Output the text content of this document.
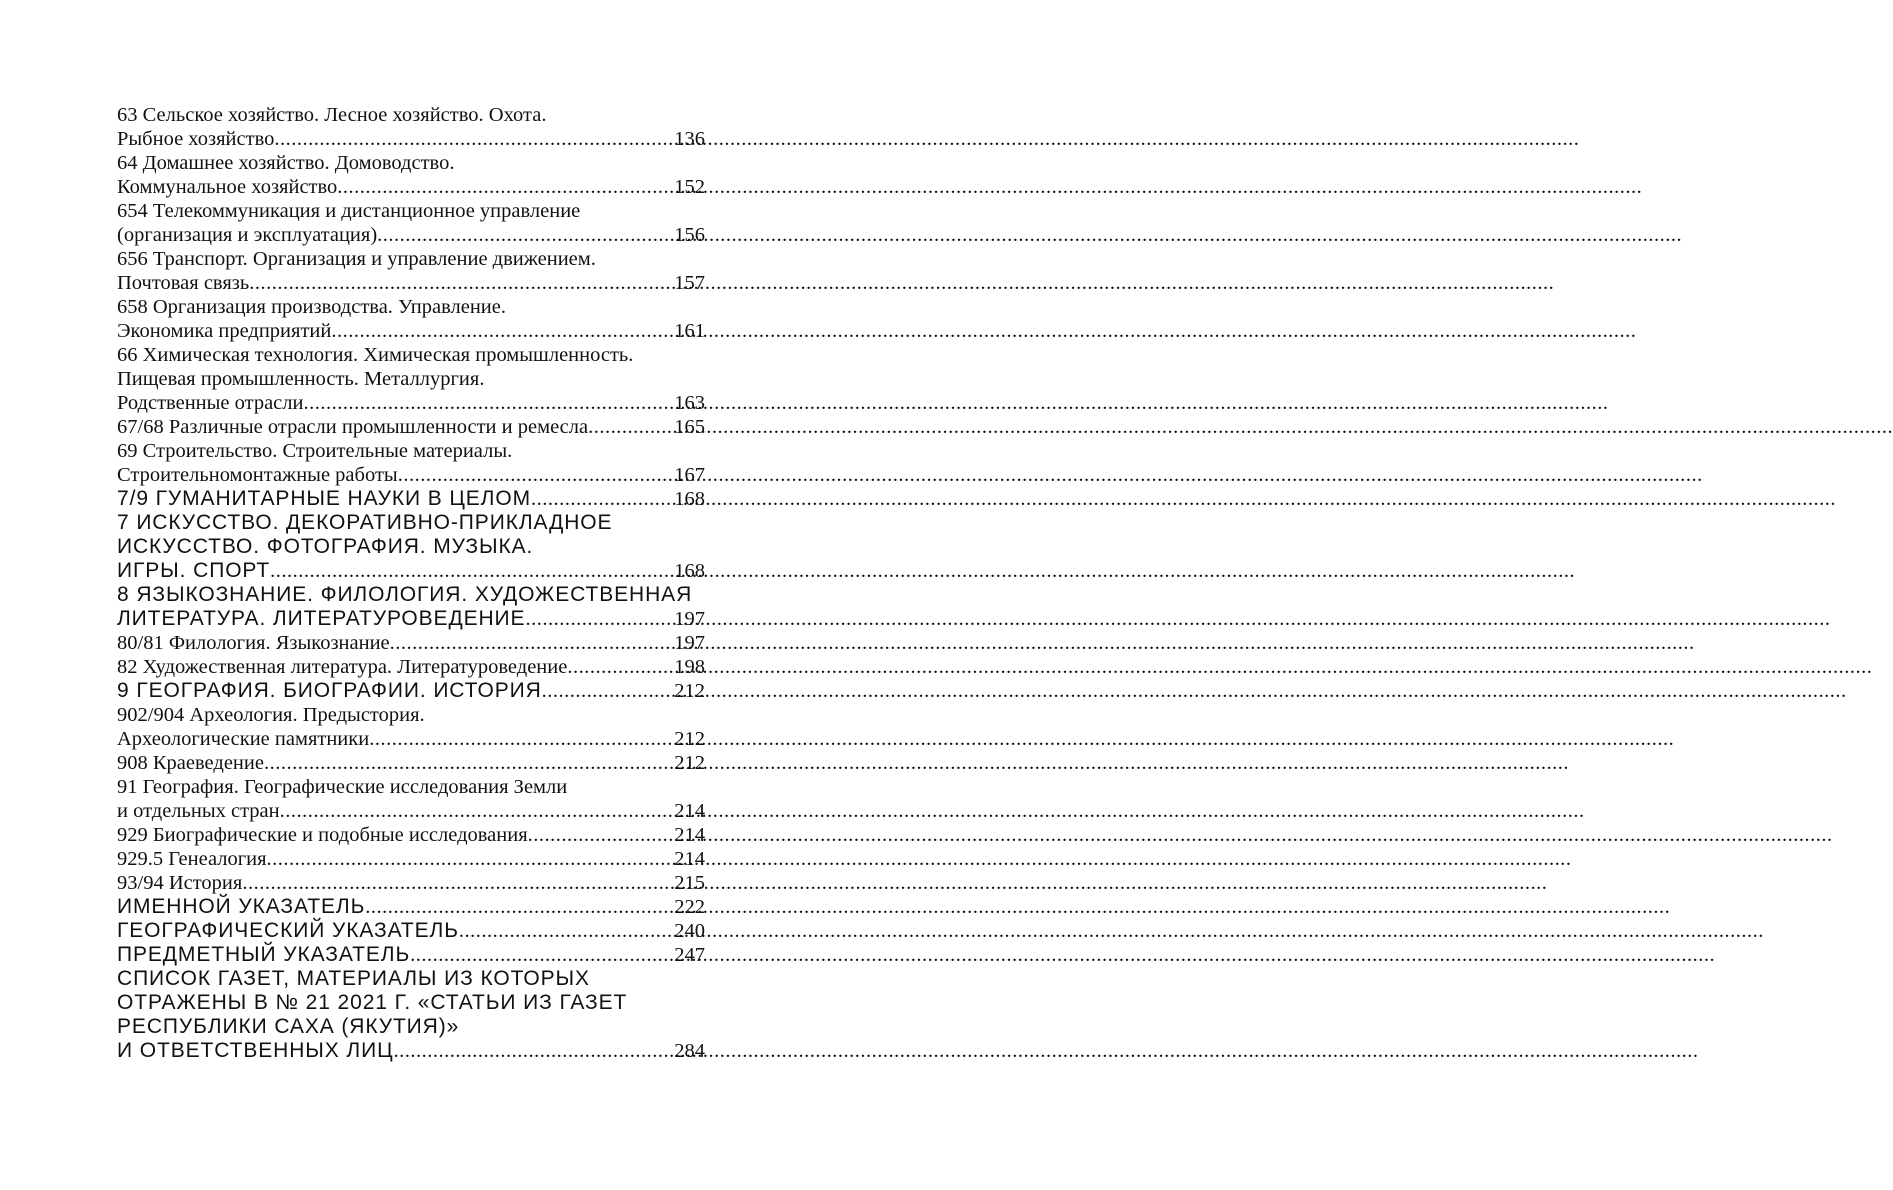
63 Сельское хозяйство. Лесное хозяйство. Охота.
Рыбное хозяйство .....	136
64 Домашнее хозяйство. Домоводство.
Коммунальное хозяйство .....	152
654 Телекоммуникация и дистанционное управление
(организация и эксплуатация) .....	156
656 Транспорт. Организация и управление движением.
Почтовая связь .....	157
658 Организация производства. Управление.
Экономика предприятий .....	161
66 Химическая технология. Химическая промышленность.
Пищевая промышленность. Металлургия.
Родственные отрасли .....	163
67/68 Различные отрасли промышленности и ремесла .....	165
69 Строительство. Строительные материалы.
Строительномонтажные работы .....	167
7/9 ГУМАНИТАРНЫЕ НАУКИ В ЦЕЛОМ .....	168
7 ИСКУССТВО. ДЕКОРАТИВНО-ПРИКЛАДНОЕ
ИСКУССТВО. ФОТОГРАФИЯ. МУЗЫКА.
ИГРЫ. СПОРТ .....	168
8 ЯЗЫКОЗНАНИЕ. ФИЛОЛОГИЯ. ХУДОЖЕСТВЕННАЯ
ЛИТЕРАТУРА. ЛИТЕРАТУРОВЕДЕНИЕ .....	197
80/81 Филология. Языкознание .....	197
82 Художественная литература. Литературоведение .....	198
9 ГЕОГРАФИЯ. БИОГРАФИИ. ИСТОРИЯ .....	212
902/904 Археология. Предыстория.
Археологические памятники .....	212
908 Краеведение .....	212
91 География. Географические исследования Земли
и отдельных стран .....	214
929 Биографические и подобные исследования .....	214
929.5 Генеалогия .....	214
93/94 История .....	215
ИМЕННОЙ УКАЗАТЕЛЬ .....	222
ГЕОГРАФИЧЕСКИЙ УКАЗАТЕЛЬ .....	240
ПРЕДМЕТНЫЙ УКАЗАТЕЛЬ .....	247
СПИСОК ГАЗЕТ, МАТЕРИАЛЫ ИЗ КОТОРЫХ
ОТРАЖЕНЫ В № 21 2021 Г. «СТАТЬИ ИЗ ГАЗЕТ
РЕСПУБЛИКИ САХА (ЯКУТИЯ)»
И ОТВЕТСТВЕННЫХ ЛИЦ .....	284
